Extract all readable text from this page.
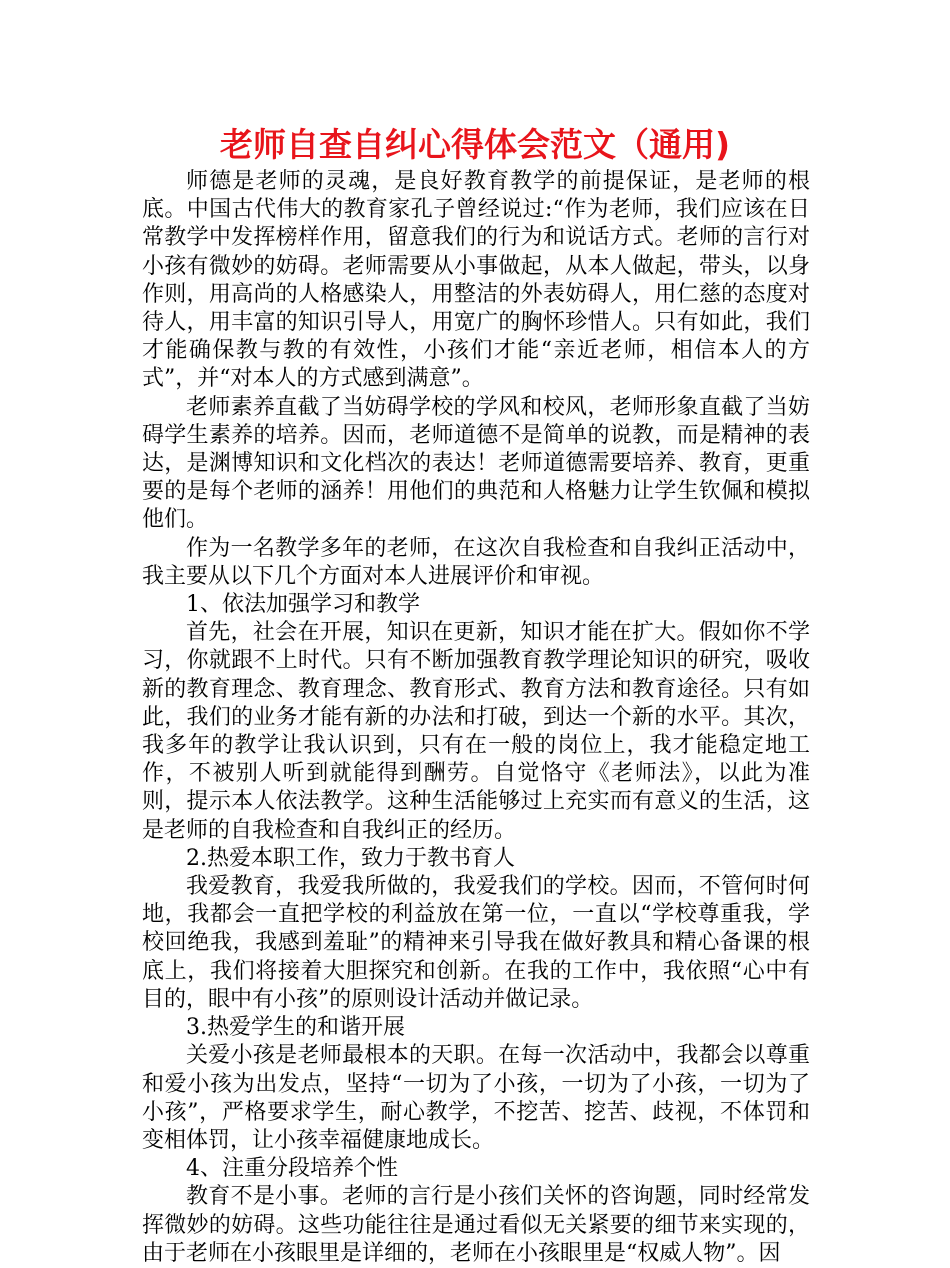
老师自查自纠心得体会范文（通用)

师德是老师的灵魂，是良好教育教学的前提保证，是老师的根底。中国古代伟大的教育家孔子曾经说过:“作为老师，我们应该在日常教学中发挥榜样作用，留意我们的行为和说话方式。老师的言行对小孩有微妙的妨碍。老师需要从小事做起，从本人做起，带头，以身作则，用高尚的人格感染人，用整洁的外表妨碍人，用仁慈的态度对待人，用丰富的知识引导人，用宽广的胸怀珍惜人。只有如此，我们才能确保教与教的有效性，小孩们才能“亲近老师，相信本人的方式”，并“对本人的方式感到满意”。

老师素养直截了当妨碍学校的学风和校风，老师形象直截了当妨碍学生素养的培养。因而，老师道德不是简单的说教，而是精神的表达，是渊博知识和文化档次的表达！老师道德需要培养、教育，更重要的是每个老师的涵养！用他们的典范和人格魅力让学生钦佩和模拟他们。

作为一名教学多年的老师，在这次自我检查和自我纠正活动中，我主要从以下几个方面对本人进展评价和审视。

1、依法加强学习和教学

首先，社会在开展，知识在更新，知识才能在扩大。假如你不学习，你就跟不上时代。只有不断加强教育教学理论知识的研究，吸收新的教育理念、教育理念、教育形式、教育方法和教育途径。只有如此，我们的业务才能有新的办法和打破，到达一个新的水平。其次，我多年的教学让我认识到，只有在一般的岗位上，我才能稳定地工作，不被别人听到就能得到酬劳。自觉恪守《老师法》，以此为准则，提示本人依法教学。这种生活能够过上充实而有意义的生活，这是老师的自我检查和自我纠正的经历。

2.热爱本职工作，致力于教书育人

我爱教育，我爱我所做的，我爱我们的学校。因而，不管何时何地，我都会一直把学校的利益放在第一位，一直以“学校尊重我，学校回绝我，我感到羞耻”的精神来引导我在做好教具和精心备课的根底上，我们将接着大胆探究和创新。在我的工作中，我依照“心中有目的，眼中有小孩”的原则设计活动并做记录。

3.热爱学生的和谐开展

关爱小孩是老师最根本的天职。在每一次活动中，我都会以尊重和爱小孩为出发点，坚持“一切为了小孩，一切为了小孩，一切为了小孩”，严格要求学生，耐心教学，不挖苦、挖苦、歧视，不体罚和变相体罚，让小孩幸福健康地成长。

4、注重分段培养个性

教育不是小事。老师的言行是小孩们关怀的咨询题，同时经常发挥微妙的妨碍。这些功能往往是通过看似无关紧要的细节来实现的，由于老师在小孩眼里是详细的，老师在小孩眼里是“权威人物”。因
